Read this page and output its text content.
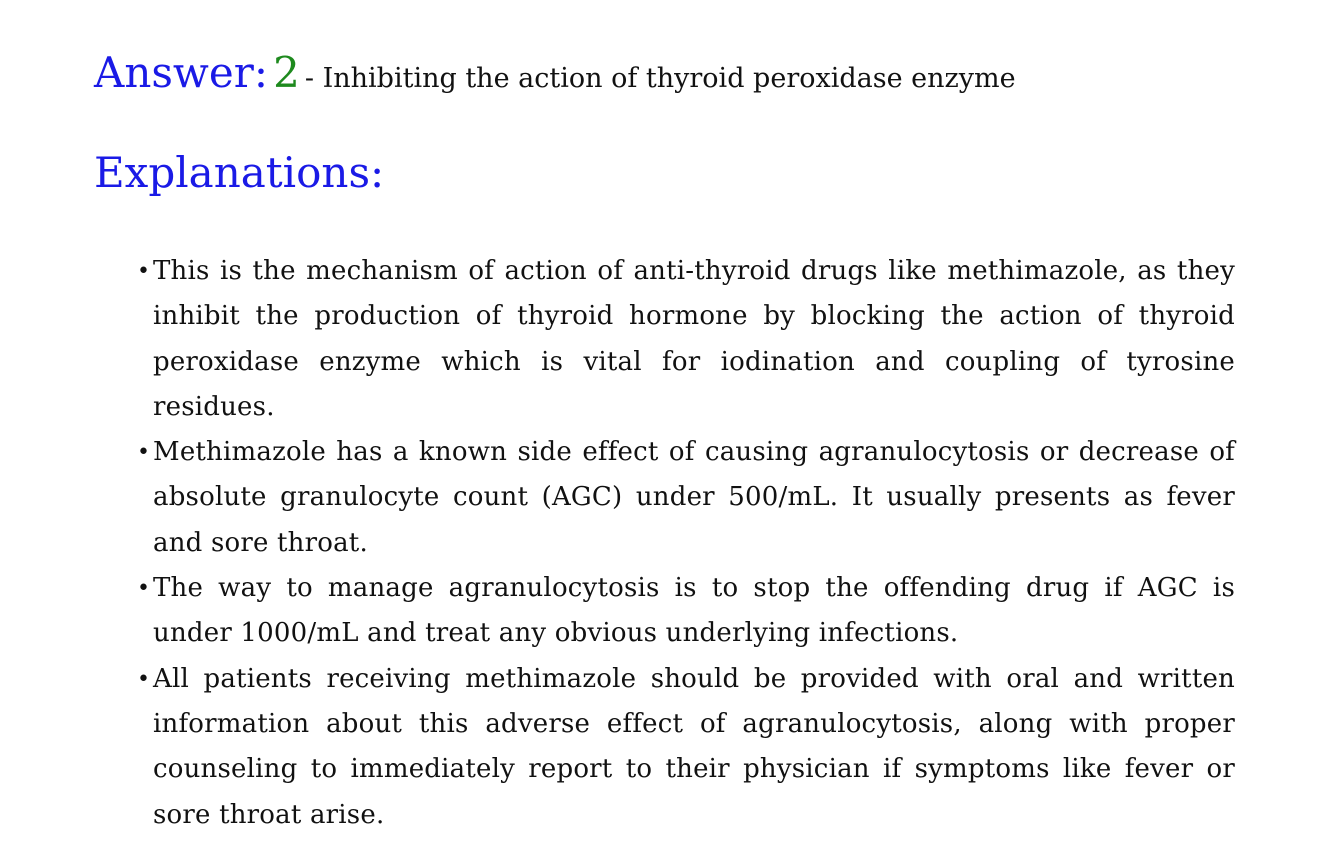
Answer: 2 - Inhibiting the action of thyroid peroxidase enzyme
Explanations:
• This is the mechanism of action of anti-thyroid drugs like methimazole, as they inhibit the production of thyroid hormone by blocking the action of thyroid peroxidase enzyme which is vital for iodination and coupling of tyrosine residues.
• Methimazole has a known side effect of causing agranulocytosis or decrease of absolute granulocyte count (AGC) under 500/mL. It usually presents as fever and sore throat.
• The way to manage agranulocytosis is to stop the offending drug if AGC is under 1000/mL and treat any obvious underlying infections.
• All patients receiving methimazole should be provided with oral and written information about this adverse effect of agranulocytosis, along with proper counseling to immediately report to their physician if symptoms like fever or sore throat arise.
